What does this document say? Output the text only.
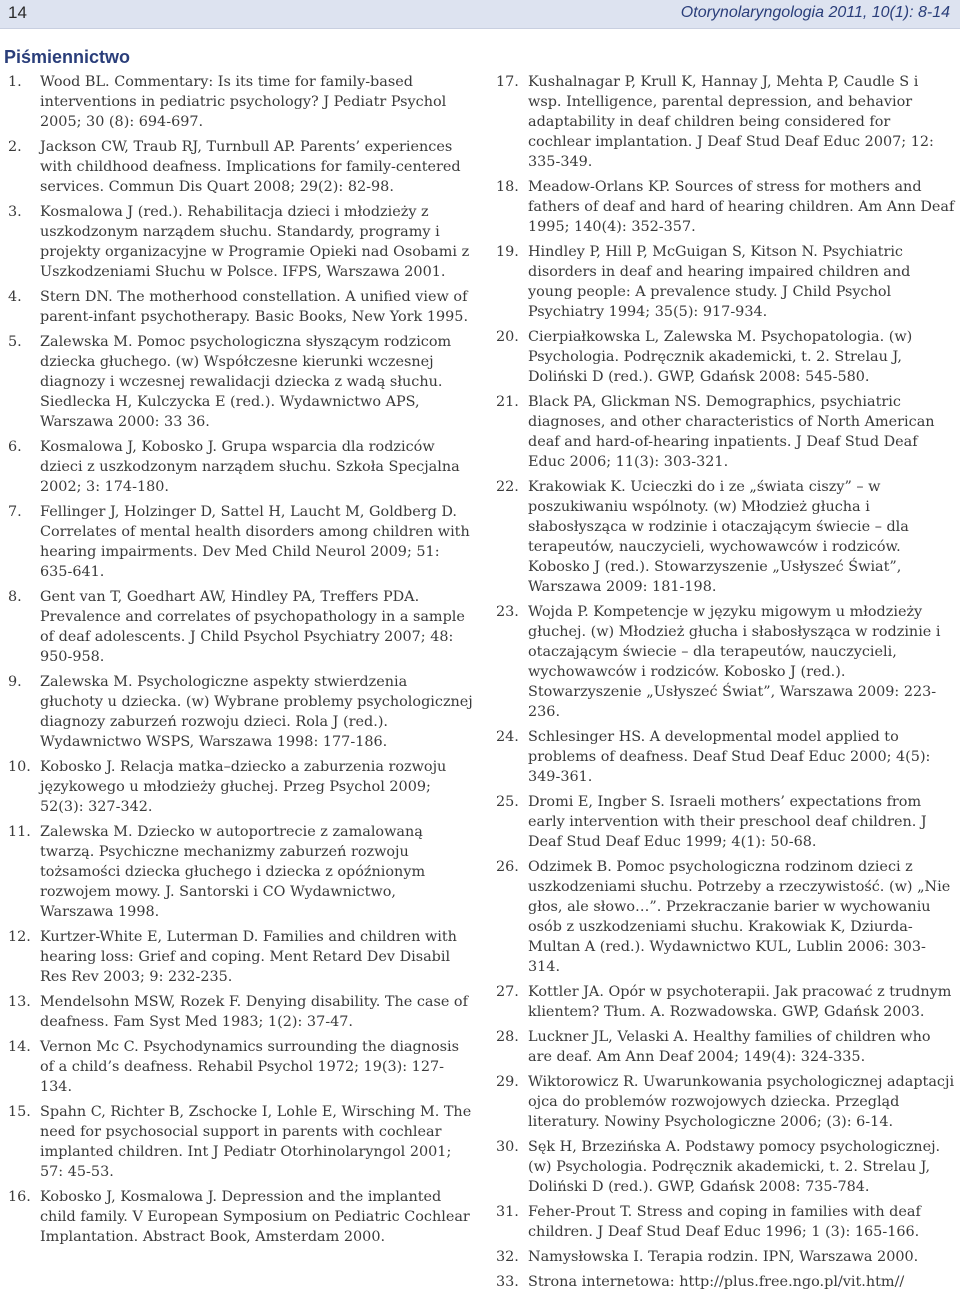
14	Otorynolaryngologia 2011, 10(1): 8-14
Piśmiennictwo
1. Wood BL. Commentary: Is its time for family-based interventions in pediatric psychology? J Pediatr Psychol 2005; 30 (8): 694-697.
2. Jackson CW, Traub RJ, Turnbull AP. Parents’ experiences with childhood deafness. Implications for family-centered services. Commun Dis Quart 2008; 29(2): 82-98.
3. Kosmalowa J (red.). Rehabilitacja dzieci i młodzieży z uszkodzonym narządem słuchu. Standardy, programy i projekty organizacyjne w Programie Opieki nad Osobami z Uszkodzeniami Słuchu w Polsce. IFPS, Warszawa 2001.
4. Stern DN. The motherhood constellation. A unified view of parent-infant psychotherapy. Basic Books, New York 1995.
5. Zalewska M. Pomoc psychologiczna słyszącym rodzicom dziecka głuchego. (w) Współczesne kierunki wczesnej diagnozy i wczesnej rewalidacji dziecka z wadą słuchu. Siedlecka H, Kulczycka E (red.). Wydawnictwo APS, Warszawa 2000: 33 36.
6. Kosmalowa J, Kobosko J. Grupa wsparcia dla rodziców dzieci z uszkodzonym narządem słuchu. Szkoła Specjalna 2002; 3: 174-180.
7. Fellinger J, Holzinger D, Sattel H, Laucht M, Goldberg D. Correlates of mental health disorders among children with hearing impairments. Dev Med Child Neurol 2009; 51: 635-641.
8. Gent van T, Goedhart AW, Hindley PA, Treffers PDA. Prevalence and correlates of psychopathology in a sample of deaf adolescents. J Child Psychol Psychiatry 2007; 48: 950-958.
9. Zalewska M. Psychologiczne aspekty stwierdzenia głuchoty u dziecka. (w) Wybrane problemy psychologicznej diagnozy zaburzeń rozwoju dzieci. Rola J (red.). Wydawnictwo WSPS, Warszawa 1998: 177-186.
10. Kobosko J. Relacja matka–dziecko a zaburzenia rozwoju językowego u młodzieży głuchej. Przeg Psychol 2009; 52(3): 327-342.
11. Zalewska M. Dziecko w autoportrecie z zamalowaną twarzą. Psychiczne mechanizmy zaburzeń rozwoju tożsamości dziecka głuchego i dziecka z opóźnionym rozwojem mowy. J. Santorski i CO Wydawnictwo, Warszawa 1998.
12. Kurtzer-White E, Luterman D. Families and children with hearing loss: Grief and coping. Ment Retard Dev Disabil Res Rev 2003; 9: 232-235.
13. Mendelsohn MSW, Rozek F. Denying disability. The case of deafness. Fam Syst Med 1983; 1(2): 37-47.
14. Vernon Mc C. Psychodynamics surrounding the diagnosis of a child’s deafness. Rehabil Psychol 1972; 19(3): 127-134.
15. Spahn C, Richter B, Zschocke I, Lohle E, Wirsching M. The need for psychosocial support in parents with cochlear implanted children. Int J Pediatr Otorhinolaryngol 2001; 57: 45-53.
16. Kobosko J, Kosmalowa J. Depression and the implanted child family. V European Symposium on Pediatric Cochlear Implantation. Abstract Book, Amsterdam 2000.
17. Kushalnagar P, Krull K, Hannay J, Mehta P, Caudle S i wsp. Intelligence, parental depression, and behavior adaptability in deaf children being considered for cochlear implantation. J Deaf Stud Deaf Educ 2007; 12: 335-349.
18. Meadow-Orlans KP. Sources of stress for mothers and fathers of deaf and hard of hearing children. Am Ann Deaf 1995; 140(4): 352-357.
19. Hindley P, Hill P, McGuigan S, Kitson N. Psychiatric disorders in deaf and hearing impaired children and young people: A prevalence study. J Child Psychol Psychiatry 1994; 35(5): 917-934.
20. Cierpiałkowska L, Zalewska M. Psychopatologia. (w) Psychologia. Podręcznik akademicki, t. 2. Strelau J, Doliński D (red.). GWP, Gdańsk 2008: 545-580.
21. Black PA, Glickman NS. Demographics, psychiatric diagnoses, and other characteristics of North American deaf and hard-of-hearing inpatients. J Deaf Stud Deaf Educ 2006; 11(3): 303-321.
22. Krakowiak K. Ucieczki do i ze „świata ciszy” – w poszukiwaniu wspólnoty. (w) Młodzież głucha i słabosłysząca w rodzinie i otaczającym świecie – dla terapeutów, nauczycieli, wychowawców i rodziców. Kobosko J (red.). Stowarzyszenie „Usłyszeć Świat”, Warszawa 2009: 181-198.
23. Wojda P. Kompetencje w języku migowym u młodzieży głuchej. (w) Młodzież głucha i słabosłysząca w rodzinie i otaczającym świecie – dla terapeutów, nauczycieli, wychowawców i rodziców. Kobosko J (red.). Stowarzyszenie „Usłyszeć Świat”, Warszawa 2009: 223-236.
24. Schlesinger HS. A developmental model applied to problems of deafness. Deaf Stud Deaf Educ 2000; 4(5): 349-361.
25. Dromi E, Ingber S. Israeli mothers’ expectations from early intervention with their preschool deaf children. J Deaf Stud Deaf Educ 1999; 4(1): 50-68.
26. Odzimek B. Pomoc psychologiczna rodzinom dzieci z uszkodzeniami słuchu. Potrzeby a rzeczywistość. (w) „Nie głos, ale słowo…”. Przekraczanie barier w wychowaniu osób z uszkodzeniami słuchu. Krakowiak K, Dziurda-Multan A (red.). Wydawnictwo KUL, Lublin 2006: 303-314.
27. Kottler JA. Opór w psychoterapii. Jak pracować z trudnym klientem? Tłum. A. Rozwadowska. GWP, Gdańsk 2003.
28. Luckner JL, Velaski A. Healthy families of children who are deaf. Am Ann Deaf 2004; 149(4): 324-335.
29. Wiktorowicz R. Uwarunkowania psychologicznej adaptacji ojca do problemów rozwojowych dziecka. Przegląd literatury. Nowiny Psychologiczne 2006; (3): 6-14.
30. Sęk H, Brzezińska A. Podstawy pomocy psychologicznej. (w) Psychologia. Podręcznik akademicki, t. 2. Strelau J, Doliński D (red.). GWP, Gdańsk 2008: 735-784.
31. Feher-Prout T. Stress and coping in families with deaf children. J Deaf Stud Deaf Educ 1996; 1 (3): 165-166.
32. Namysłowska I. Terapia rodzin. IPN, Warszawa 2000.
33. Strona internetowa: http://plus.free.ngo.pl/vit.htm//
